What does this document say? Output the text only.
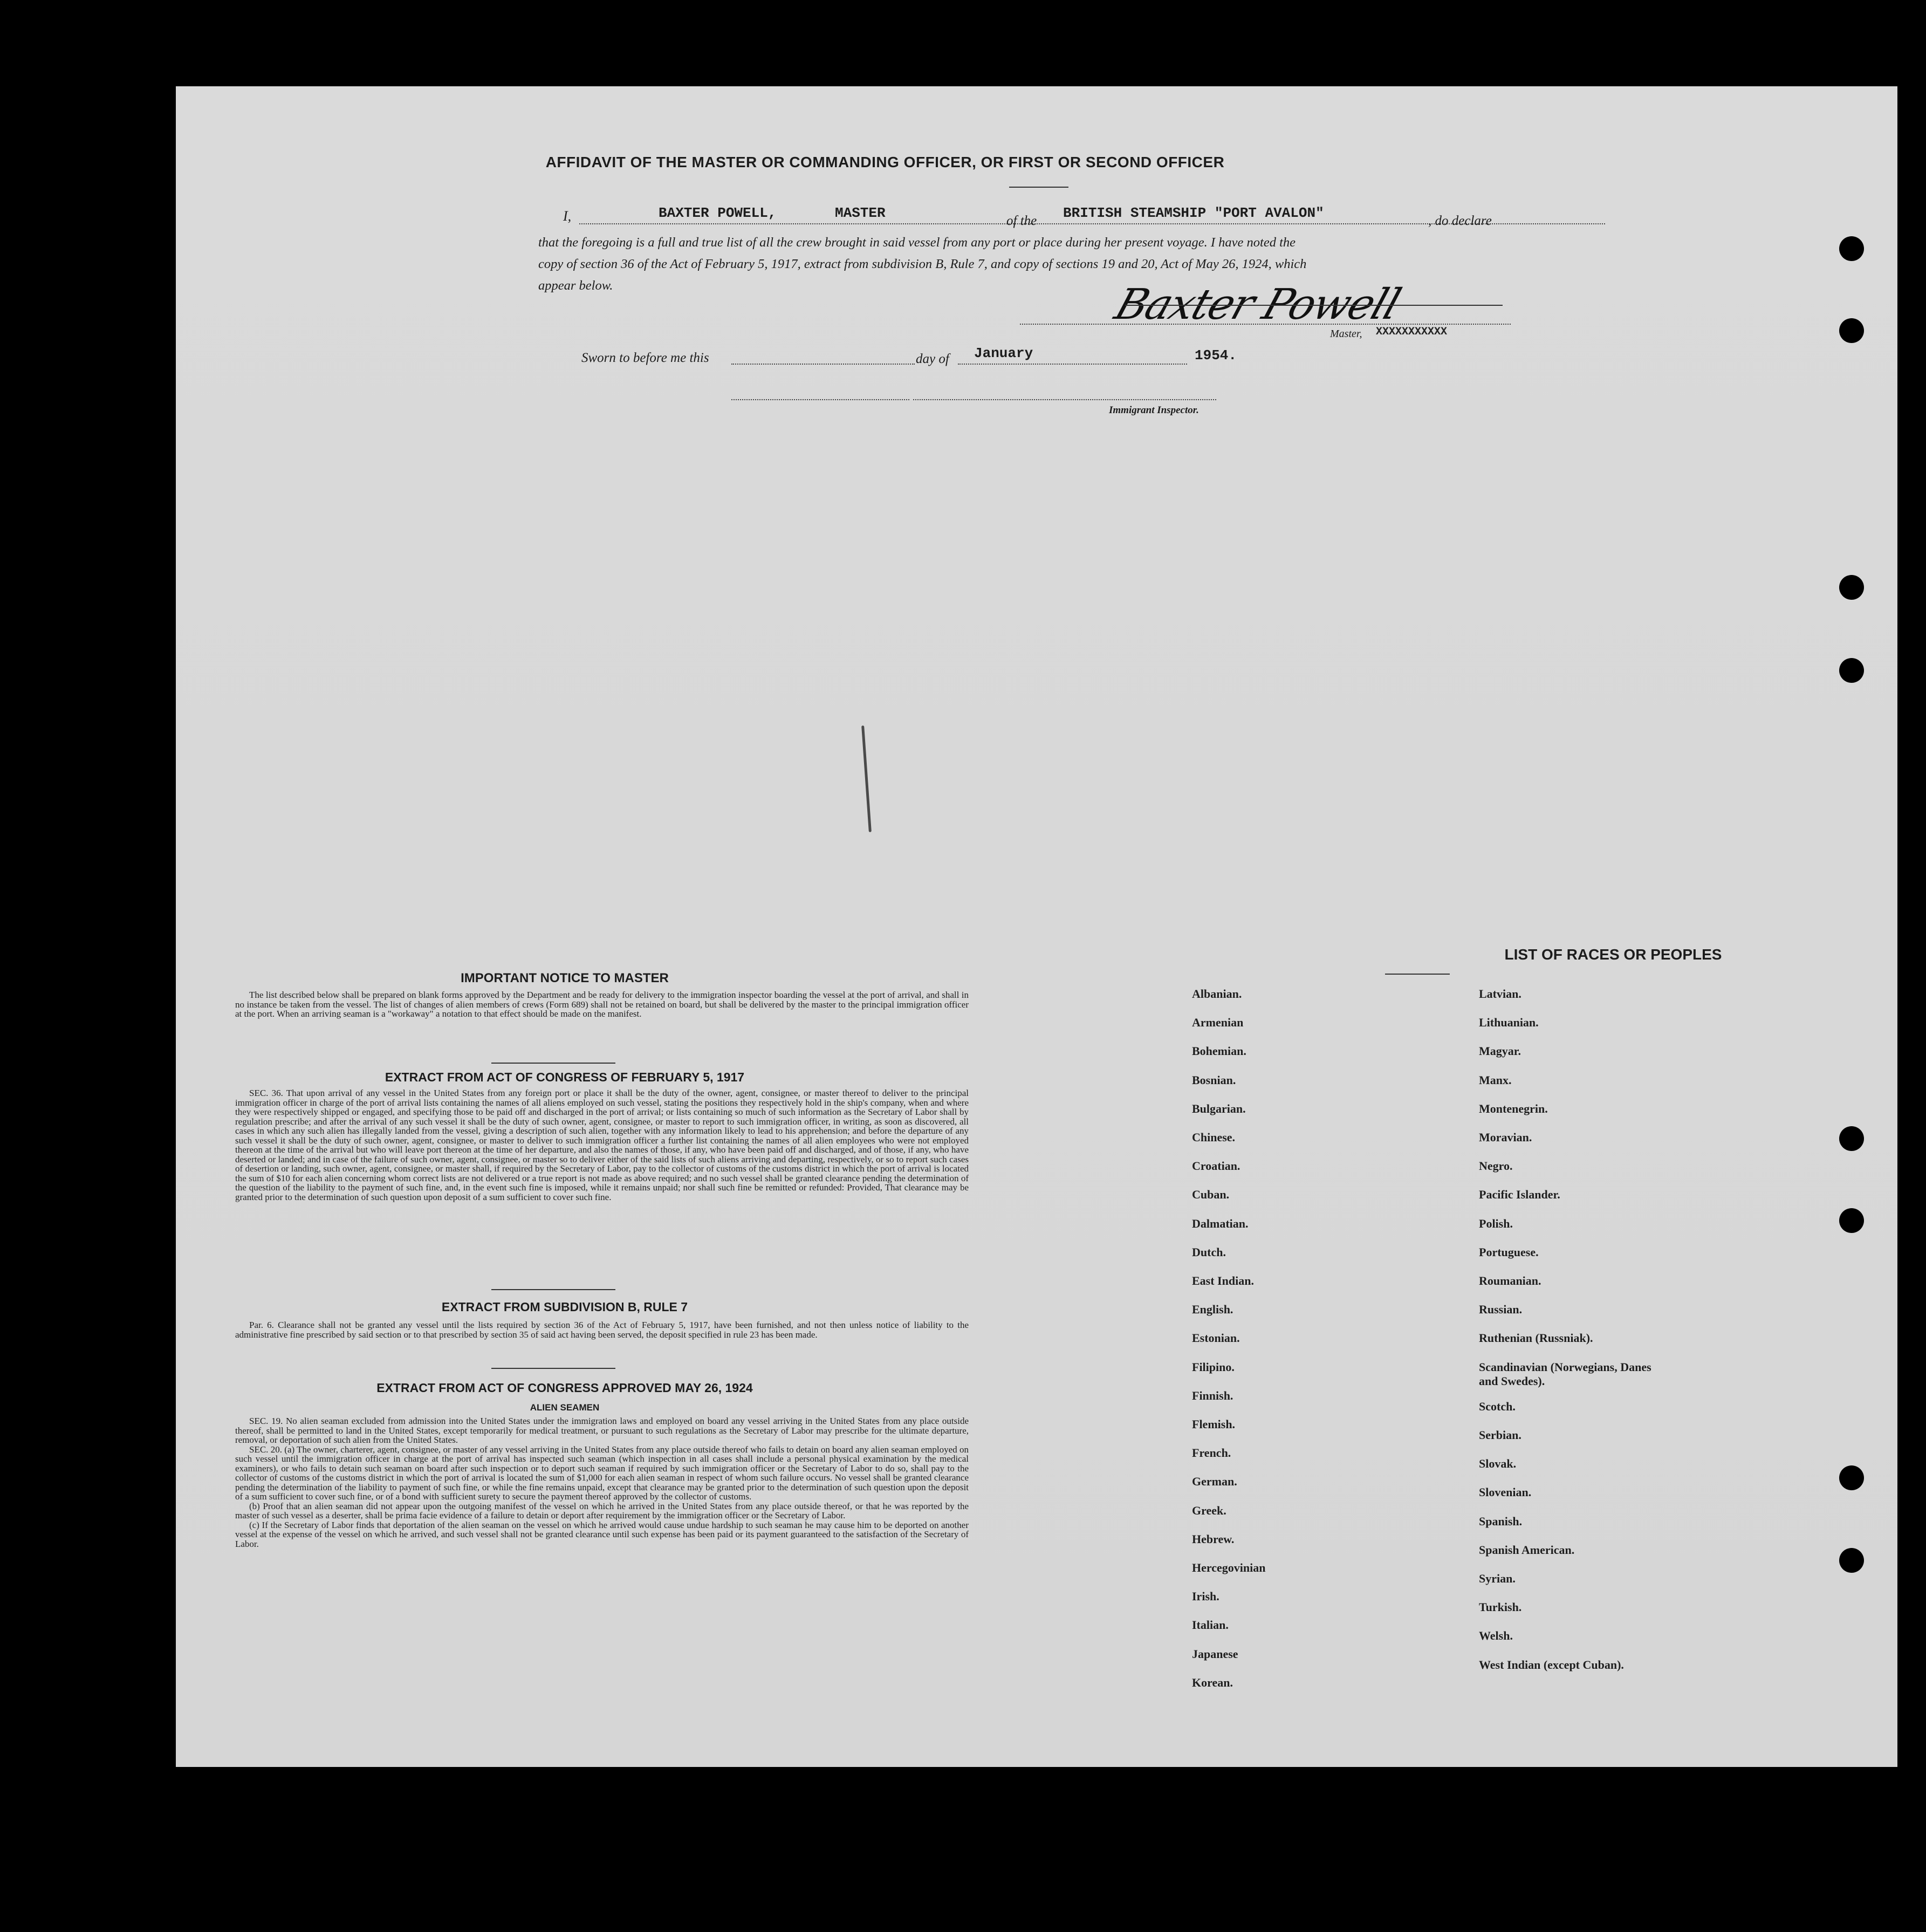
AFFIDAVIT OF THE MASTER OR COMMANDING OFFICER, OR FIRST OR SECOND OFFICER
I,	BAXTER POWELL,	MASTER	of the BRITISH STEAMSHIP "PORT AVALON"	, do declare
that the foregoing is a full and true list of all the crew brought in said vessel from any port or place during her present voyage. I have noted the
copy of section 36 of the Act of February 5, 1917, extract from subdivision B, Rule 7, and copy of sections 19 and 20, Act of May 26, 1924, which
appear below.	Baxter Powell
Master, XXXXXXXXXXX
Sworn to before me this	day of January	1954.
Immigrant Inspector.
IMPORTANT NOTICE TO MASTER

The list described below shall be prepared on blank forms approved by the Department and be ready for delivery to the immigration inspector boarding the vessel at the port of arrival, and shall in no instance be taken from the vessel. The list of changes of alien members of crews (Form 689) shall not be retained on board, but shall be delivered by the master to the principal immigration officer at the port. When an arriving seaman is a "workaway" a notation to that effect should be made on the manifest.

EXTRACT FROM ACT OF CONGRESS OF FEBRUARY 5, 1917

SEC. 36. That upon arrival of any vessel in the United States from any foreign port or place it shall be the duty of the owner, agent, consignee, or master thereof to deliver to the principal immigration officer in charge of the port of arrival lists containing the names of all aliens employed on such vessel, stating the positions they respectively hold in the ship's company, when and where they were respectively shipped or engaged, and specifying those to be paid off and discharged in the port of arrival; or lists containing so much of such information as the Secretary of Labor shall by regulation prescribe; and after the arrival of any such vessel it shall be the duty of such owner, agent, consignee, or master to report to such immigration officer, in writing, as soon as discovered, all cases in which any such alien has illegally landed from the vessel, giving a description of such alien, together with any information likely to lead to his apprehension; and before the departure of any such vessel it shall be the duty of such owner, agent, consignee, or master to deliver to such immigration officer a further list containing the names of all alien employees who were not employed thereon at the time of the arrival but who will leave port thereon at the time of her departure, and also the names of those, if any, who have been paid off and discharged, and of those, if any, who have deserted or landed; and in case of the failure of such owner, agent, consignee, or master so to deliver either of the said lists of such aliens arriving and departing, respectively, or so to report such cases of desertion or landing, such owner, agent, consignee, or master shall, if required by the Secretary of Labor, pay to the collector of customs of the customs district in which the port of arrival is located the sum of $10 for each alien concerning whom correct lists are not delivered or a true report is not made as above required; and no such vessel shall be granted clearance pending the determination of the question of the liability to the payment of such fine, and, in the event such fine is imposed, while it remains unpaid; nor shall such fine be remitted or refunded: Provided, That clearance may be granted prior to the determination of such question upon deposit of a sum sufficient to cover such fine.

EXTRACT FROM SUBDIVISION B, RULE 7

Par. 6. Clearance shall not be granted any vessel until the lists required by section 36 of the Act of February 5, 1917, have been furnished, and not then unless notice of liability to the administrative fine prescribed by said section or to that prescribed by section 35 of said act having been served, the deposit specified in rule 23 has been made.

EXTRACT FROM ACT OF CONGRESS APPROVED MAY 26, 1924
ALIEN SEAMEN

SEC. 19. No alien seaman excluded from admission into the United States under the immigration laws and employed on board any vessel arriving in the United States from any place outside thereof, shall be permitted to land in the United States, except temporarily for medical treatment, or pursuant to such regulations as the Secretary of Labor may prescribe for the ultimate departure, removal, or deportation of such alien from the United States.

SEC. 20. (a) The owner, charterer, agent, consignee, or master of any vessel arriving in the United States from any place outside thereof who fails to detain on board any alien seaman employed on such vessel until the immigration officer in charge at the port of arrival has inspected such seaman (which inspection in all cases shall include a personal physical examination by the medical examiners), or who fails to detain such seaman on board after such inspection or to deport such seaman if required by such immigration officer or the Secretary of Labor to do so, shall pay to the collector of customs of the customs district in which the port of arrival is located the sum of $1,000 for each alien seaman in respect of whom such failure occurs. No vessel shall be granted clearance pending the determination of the liability to payment of such fine, or while the fine remains unpaid, except that clearance may be granted prior to the determination of such question upon the deposit of a sum sufficient to cover such fine, or of a bond with sufficient surety to secure the payment thereof approved by the collector of customs.

(b) Proof that an alien seaman did not appear upon the outgoing manifest of the vessel on which he arrived in the United States from any place outside thereof, or that he was reported by the master of such vessel as a deserter, shall be prima facie evidence of a failure to detain or deport after requirement by the immigration officer or the Secretary of Labor.

(c) If the Secretary of Labor finds that deportation of the alien seaman on the vessel on which he arrived would cause undue hardship to such seaman he may cause him to be deported on another vessel at the expense of the vessel on which he arrived, and such vessel shall not be granted clearance until such expense has been paid or its payment guaranteed to the satisfaction of the Secretary of Labor.

LIST OF RACES OR PEOPLES
Albanian.
Armenian
Bohemian.
Bosnian.
Bulgarian.
Chinese.
Croatian.
Cuban.
Dalmatian.
Dutch.
East Indian.
English.
Estonian.
Filipino.
Finnish.
Flemish.
French.
German.
Greek.
Hebrew.
Hercegovinian
Irish.
Italian.
Japanese
Korean.
Latvian.
Lithuanian.
Magyar.
Manx.
Montenegrin.
Moravian.
Negro.
Pacific Islander.
Polish.
Portuguese.
Roumanian.
Russian.
Ruthenian (Russniak).
Scandinavian (Norwegians, Danes and Swedes).
Scotch.
Serbian.
Slovak.
Slovenian.
Spanish.
Spanish American.
Syrian.
Turkish.
Welsh.
West Indian (except Cuban).
